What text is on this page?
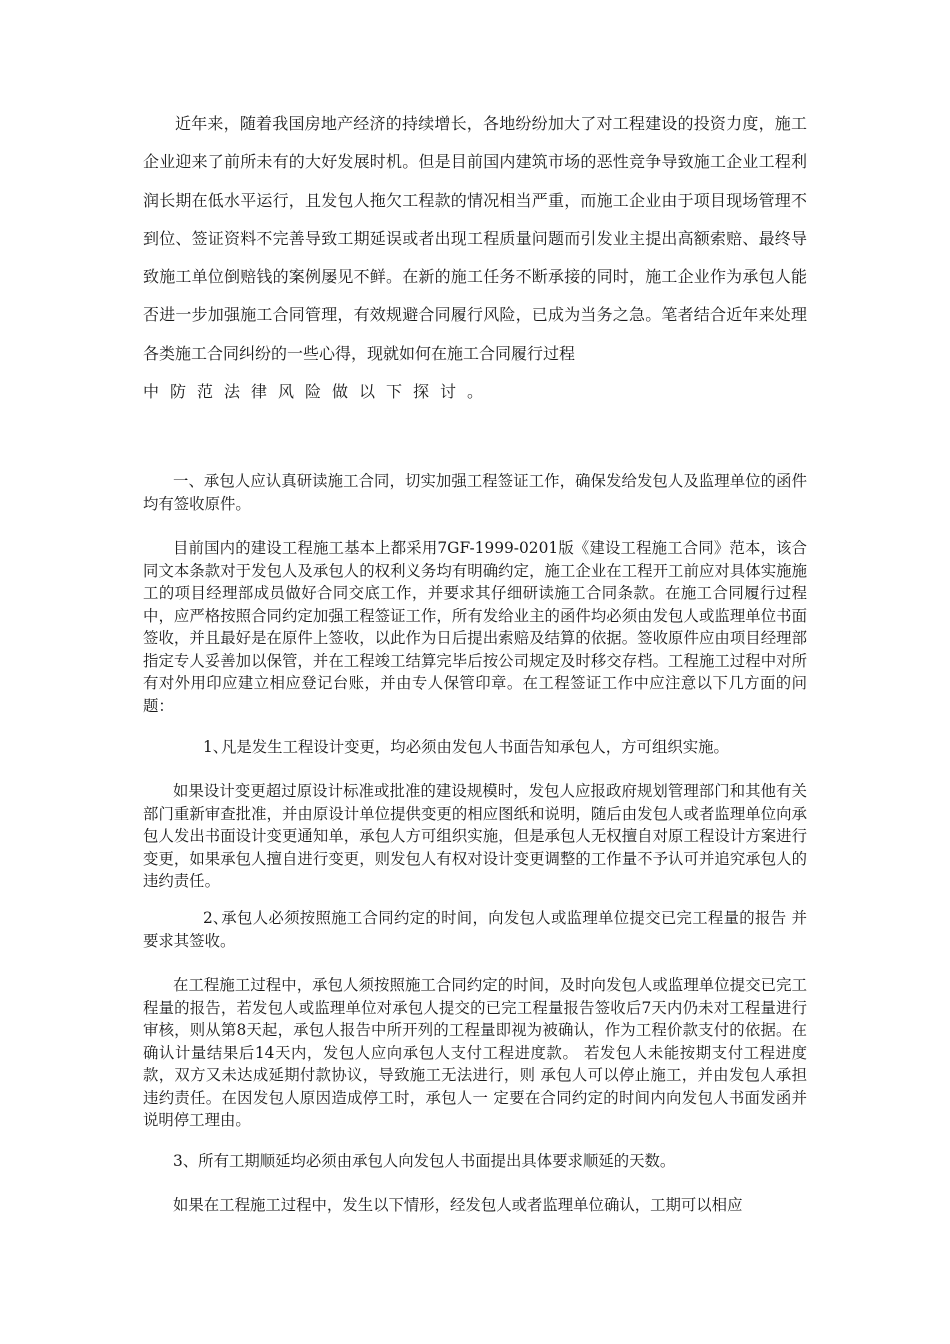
近年来，随着我国房地产经济的持续增长，各地纷纷加大了对工程建设的投资力度，施工企业迎来了前所未有的大好发展时机。但是目前国内建筑市场的恶性竞争导致施工企业工程利润长期在低水平运行，且发包人拖欠工程款的情况相当严重，而施工企业由于项目现场管理不到位、签证资料不完善导致工期延误或者出现工程质量问题而引发业主提出高额索赔、最终导致施工单位倒赔钱的案例屡见不鲜。在新的施工任务不断承接的同时，施工企业作为承包人能否进一步加强施工合同管理，有效规避合同履行风险，已成为当务之急。笔者结合近年来处理各类施工合同纠纷的一些心得，现就如何在施工合同履行过程

中防范法律风险做以下探讨。

一、承包人应认真研读施工合同，切实加强工程签证工作，确保发给发包人及监理单位的函件均有签收原件。

目前国内的建设工程施工基本上都采用7GF-1999-0201版《建设工程施工合同》范本，该合同文本条款对于发包人及承包人的权利义务均有明确约定，施工企业在工程开工前应对具体实施施工的项目经理部成员做好合同交底工作，并要求其仔细研读施工合同条款。在施工合同履行过程中，应严格按照合同约定加强工程签证工作，所有发给业主的函件均必须由发包人或监理单位书面签收，并且最好是在原件上签收，以此作为日后提出索赔及结算的依据。签收原件应由项目经理部指定专人妥善加以保管，并在工程竣工结算完毕后按公司规定及时移交存档。工程施工过程中对所有对外用印应建立相应登记台账，并由专人保管印章。在工程签证工作中应注意以下几方面的问题：

1、凡是发生工程设计变更，均必须由发包人书面告知承包人，方可组织实施。

如果设计变更超过原设计标准或批准的建设规模时，发包人应报政府规划管理部门和其他有关部门重新审查批准，并由原设计单位提供变更的相应图纸和说明，随后由发包人或者监理单位向承包人发出书面设计变更通知单，承包人方可组织实施，但是承包人无权擅自对原工程设计方案进行变更，如果承包人擅自进行变更，则发包人有权对设计变更调整的工作量不予认可并追究承包人的违约责任。

2、承包人必须按照施工合同约定的时间，向发包人或监理单位提交已完工程量的报告 并要求其签收。

在工程施工过程中，承包人须按照施工合同约定的时间，及时向发包人或监理单位提交已完工程量的报告，若发包人或监理单位对承包人提交的已完工程量报告签收后7天内仍未对工程量进行审核，则从第8天起，承包人报告中所开列的工程量即视为被确认，作为工程价款支付的依据。在确认计量结果后14天内，发包人应向承包人支付工程进度款。 若发包人未能按期支付工程进度款，双方又未达成延期付款协议，导致施工无法进行，则 承包人可以停止施工，并由发包人承担违约责任。在因发包人原因造成停工时，承包人一 定要在合同约定的时间内向发包人书面发函并说明停工理由。

3、所有工期顺延均必须由承包人向发包人书面提出具体要求顺延的天数。

如果在工程施工过程中，发生以下情形，经发包人或者监理单位确认，工期可以相应
